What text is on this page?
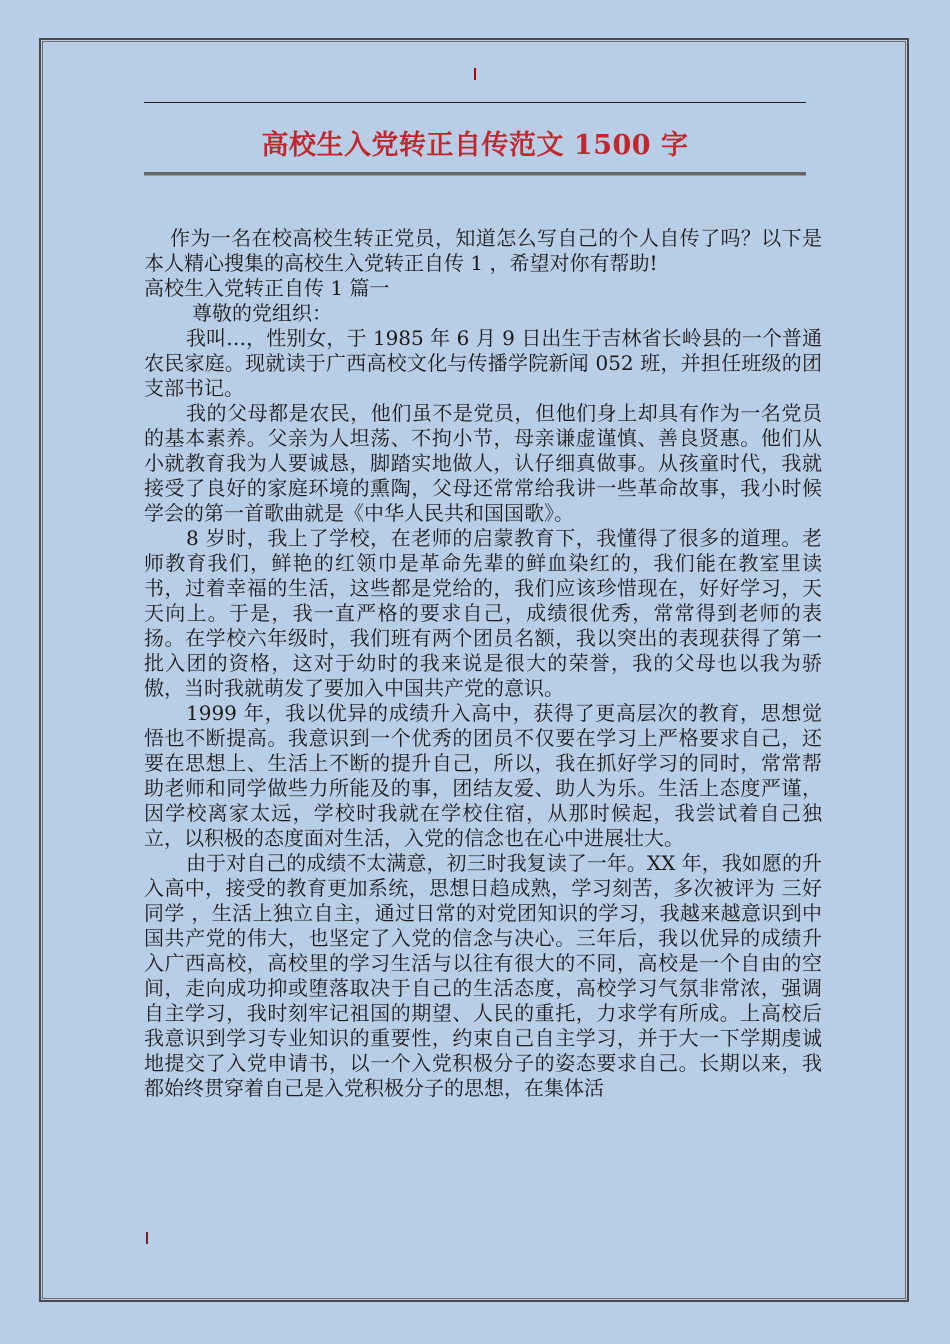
高校生入党转正自传范文 1500 字

作为一名在校高校生转正党员，知道怎么写自己的个人自传了吗？以下是本人精心搜集的高校生入党转正自传 1 ，希望对你有帮助!

高校生入党转正自传 1 篇一

尊敬的党组织：

我叫…，性别女，于 1985 年 6 月 9 日出生于吉林省长岭县的一个普通农民家庭。现就读于广西高校文化与传播学院新闻 052 班，并担任班级的团支部书记。

我的父母都是农民，他们虽不是党员，但他们身上却具有作为一名党员的基本素养。父亲为人坦荡、不拘小节，母亲谦虚谨慎、善良贤惠。他们从小就教育我为人要诚恳，脚踏实地做人，认仔细真做事。从孩童时代，我就接受了良好的家庭环境的熏陶，父母还常常给我讲一些革命故事，我小时候学会的第一首歌曲就是《中华人民共和国国歌》。

8 岁时，我上了学校，在老师的启蒙教育下，我懂得了很多的道理。老师教育我们，鲜艳的红领巾是革命先辈的鲜血染红的，我们能在教室里读书，过着幸福的生活，这些都是党给的，我们应该珍惜现在，好好学习，天天向上。于是，我一直严格的要求自己，成绩很优秀，常常得到老师的表扬。在学校六年级时，我们班有两个团员名额，我以突出的表现获得了第一批入团的资格，这对于幼时的我来说是很大的荣誉，我的父母也以我为骄傲，当时我就萌发了要加入中国共产党的意识。

1999 年，我以优异的成绩升入高中，获得了更高层次的教育，思想觉悟也不断提高。我意识到一个优秀的团员不仅要在学习上严格要求自己，还要在思想上、生活上不断的提升自己，所以，我在抓好学习的同时，常常帮助老师和同学做些力所能及的事，团结友爱、助人为乐。生活上态度严谨，因学校离家太远，学校时我就在学校住宿，从那时候起，我尝试着自己独立，以积极的态度面对生活，入党的信念也在心中进展壮大。

由于对自己的成绩不太满意，初三时我复读了一年。XX 年，我如愿的升入高中，接受的教育更加系统，思想日趋成熟，学习刻苦，多次被评为 三好同学 ，生活上独立自主，通过日常的对党团知识的学习，我越来越意识到中国共产党的伟大，也坚定了入党的信念与决心。三年后，我以优异的成绩升入广西高校，高校里的学习生活与以往有很大的不同，高校是一个自由的空间，走向成功抑或堕落取决于自己的生活态度，高校学习气氛非常浓，强调自主学习，我时刻牢记祖国的期望、人民的重托，力求学有所成。上高校后我意识到学习专业知识的重要性，约束自己自主学习，并于大一下学期虔诚地提交了入党申请书，以一个入党积极分子的姿态要求自己。长期以来，我都始终贯穿着自己是入党积极分子的思想，在集体活
